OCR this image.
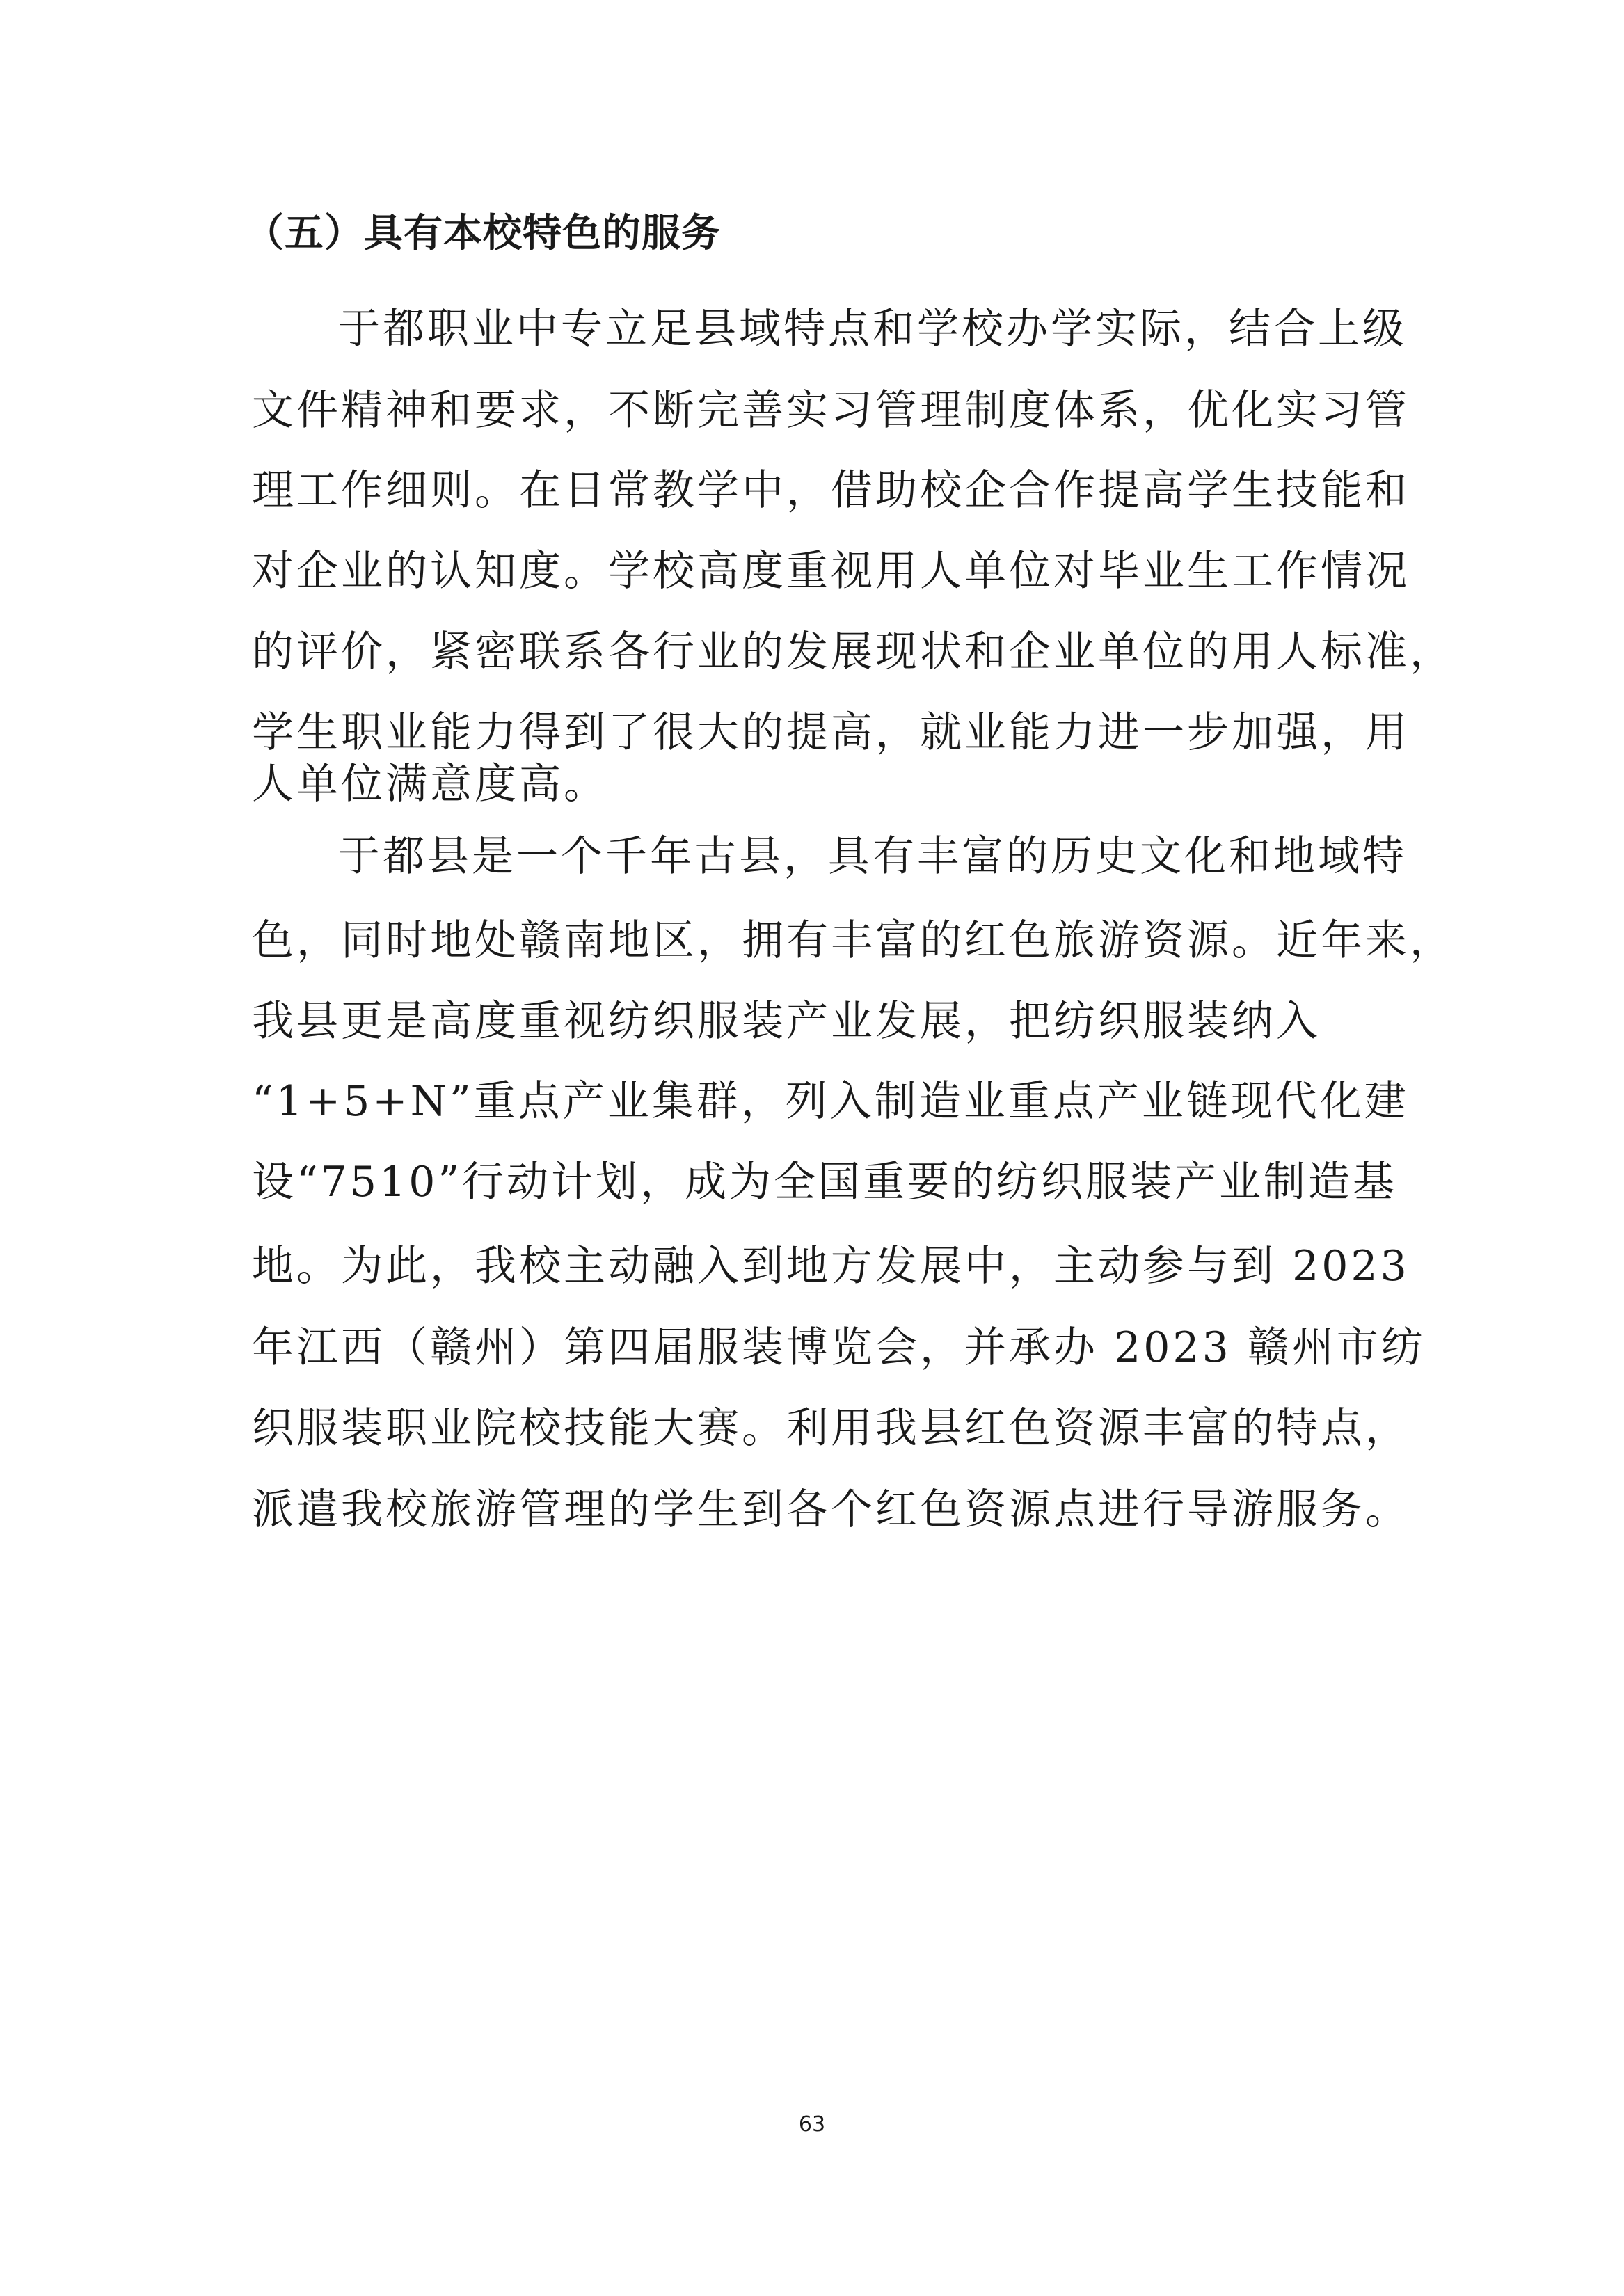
（五）具有本校特色的服务
于都职业中专立足县域特点和学校办学实际，结合上级
文件精神和要求，不断完善实习管理制度体系，优化实习管
理工作细则。在日常教学中，借助校企合作提高学生技能和
对企业的认知度。学校高度重视用人单位对毕业生工作情况
的评价，紧密联系各行业的发展现状和企业单位的用人标准，
学生职业能力得到了很大的提高，就业能力进一步加强，用
人单位满意度高。
于都县是一个千年古县，具有丰富的历史文化和地域特
色，同时地处赣南地区，拥有丰富的红色旅游资源。近年来，
我县更是高度重视纺织服装产业发展，把纺织服装纳入
“1+5+N”重点产业集群，列入制造业重点产业链现代化建
设“7510”行动计划，成为全国重要的纺织服装产业制造基
地。为此，我校主动融入到地方发展中，主动参与到 2023
年江西（赣州）第四届服装博览会，并承办 2023 赣州市纺
织服装职业院校技能大赛。利用我县红色资源丰富的特点，
派遣我校旅游管理的学生到各个红色资源点进行导游服务。
63
